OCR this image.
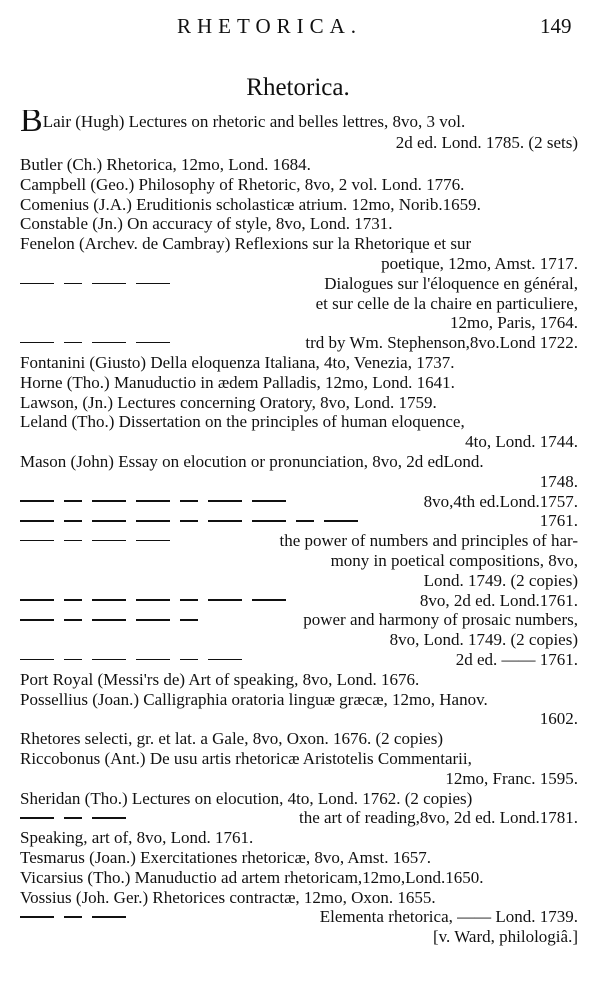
RHETORICA.	149
Rhetorica.
BLair (Hugh) Lectures on rhetoric and belles lettres, 8vo, 3 vol.
2d ed. Lond. 1785. (2 sets)
Butler (Ch.) Rhetorica, 12mo, Lond. 1684.
Campbell (Geo.) Philosophy of Rhetoric, 8vo, 2 vol. Lond. 1776.
Comenius (J.A.) Eruditionis scholasticæ atrium. 12mo, Norib.1659.
Constable (Jn.) On accuracy of style, 8vo, Lond. 1731.
Fenelon (Archev. de Cambray) Reflexions sur la Rhetorique et sur
poetique, 12mo, Amst. 1717.
Dialogues sur l'éloquence en général,
et sur celle de la chaire en particuliere,
12mo, Paris, 1764.
trd by Wm. Stephenson,8vo.Lond 1722.
Fontanini (Giusto) Della eloquenza Italiana, 4to, Venezia, 1737.
Horne (Tho.) Manuductio in ædem Palladis, 12mo, Lond. 1641.
Lawson, (Jn.) Lectures concerning Oratory, 8vo, Lond. 1759.
Leland (Tho.) Dissertation on the principles of human eloquence,
4to, Lond. 1744.
Mason (John) Essay on elocution or pronunciation, 8vo, 2d edLond.
1748.
8vo,4th ed.Lond.1757.
1761.
the power of numbers and principles of har-
mony in poetical compositions, 8vo,
Lond. 1749. (2 copies)
8vo, 2d ed. Lond.1761.
power and harmony of prosaic numbers,
8vo, Lond. 1749. (2 copies)
2d ed. —— 1761.
Port Royal (Messi'rs de) Art of speaking, 8vo, Lond. 1676.
Possellius (Joan.) Calligraphia oratoria linguæ græcæ, 12mo, Hanov.
1602.
Rhetores selecti, gr. et lat. a Gale, 8vo, Oxon. 1676. (2 copies)
Riccobonus (Ant.) De usu artis rhetoricæ Aristotelis Commentarii,
12mo, Franc. 1595.
Sheridan (Tho.) Lectures on elocution, 4to, Lond. 1762. (2 copies)
the art of reading,8vo, 2d ed. Lond.1781.
Speaking, art of, 8vo, Lond. 1761.
Tesmarus (Joan.) Exercitationes rhetoricæ, 8vo, Amst. 1657.
Vicarsius (Tho.) Manuductio ad artem rhetoricam,12mo,Lond.1650.
Vossius (Joh. Ger.) Rhetorices contractæ, 12mo, Oxon. 1655.
Elementa rhetorica, —— Lond. 1739.
[v. Ward, philologiâ.]
